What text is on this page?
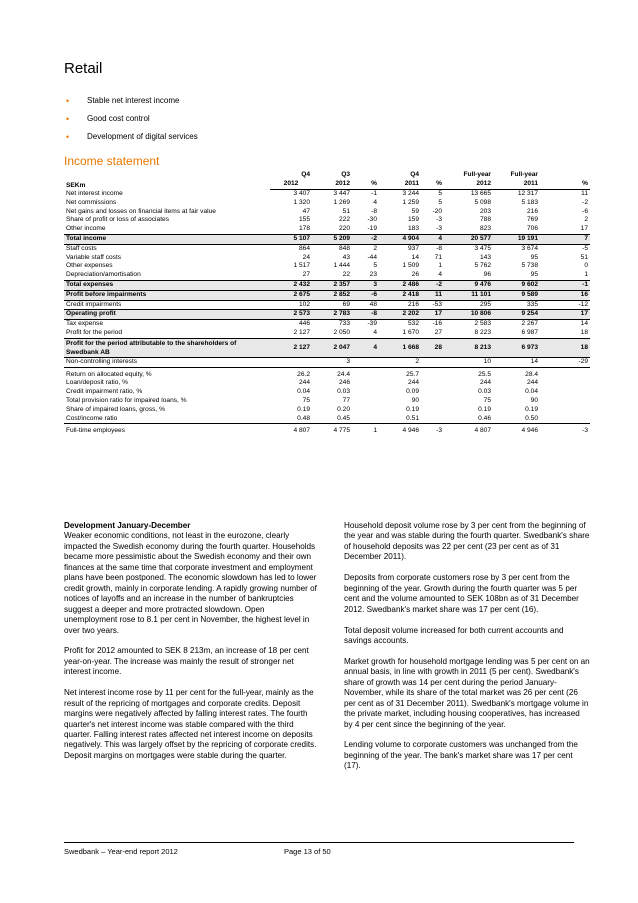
Retail
• Stable net interest income
• Good cost control
• Development of digital services
Income statement
SEKm	Q4	Q3		Q4		Full-year	Full-year	
	2012	2012	%	2011	%	2012	2011	%
Net interest income	3 407	3 447	-1	3 244	5	13 665	12 317	11
Net commissions	1 320	1 269	4	1 259	5	5 098	5 183	-2
Net gains and losses on financial items at fair value	47	51	-8	59	-20	203	216	-6
Share of profit or loss of associates	155	222	-30	159	-3	788	769	2
Other income	178	220	-19	183	-3	823	706	17
Total income	5 107	5 209	-2	4 904	4	20 577	19 191	7
Staff costs	864	848	2	937	-8	3 475	3 674	-5
Variable staff costs	24	43	-44	14	71	143	95	51
Other expenses	1 517	1 444	5	1 509	1	5 762	5 738	0
Depreciation/amortisation	27	22	23	26	4	96	95	1
Total expenses	2 432	2 357	3	2 486	-2	9 476	9 602	-1
Profit before impairments	2 675	2 852	-6	2 418	11	11 101	9 589	16
Credit impairments	102	69	48	216	-53	295	335	-12
Operating profit	2 573	2 783	-8	2 202	17	10 806	9 254	17
Tax expense	446	733	-39	532	-16	2 583	2 267	14
Profit for the period	2 127	2 050	4	1 670	27	8 223	6 987	18
Profit for the period attributable to the shareholders of Swedbank AB	2 127	2 047	4	1 668	28	8 213	6 973	18
Non-controlling interests		3		2		10	14	-29
Return on allocated equity, %	26.2	24.4		25.7		25.5	28.4	
Loan/deposit ratio, %	244	246		244		244	244	
Credit impairment ratio, %	0.04	0.03		0.09		0.03	0.04	
Total provision ratio for impaired loans, %	75	77		90		75	90	
Share of impaired loans, gross, %	0.19	0.20		0.19		0.19	0.19	
Cost/income ratio	0.48	0.45		0.51		0.46	0.50	
Full-time employees	4 807	4 775	1	4 946	-3	4 807	4 946	-3
Development January-December

Weaker economic conditions, not least in the eurozone, clearly impacted the Swedish economy during the fourth quarter. Households became more pessimistic about the Swedish economy and their own finances at the same time that corporate investment and employment plans have been postponed. The economic slowdown has led to lower credit growth, mainly in corporate lending. A rapidly growing number of notices of layoffs and an increase in the number of bankruptcies suggest a deeper and more protracted slowdown. Open unemployment rose to 8.1 per cent in November, the highest level in over two years.

Profit for 2012 amounted to SEK 8 213m, an increase of 18 per cent year-on-year. The increase was mainly the result of stronger net interest income.

Net interest income rose by 11 per cent for the full-year, mainly as the result of the repricing of mortgages and corporate credits. Deposit margins were negatively affected by falling interest rates. The fourth quarter's net interest income was stable compared with the third quarter. Falling interest rates affected net interest income on deposits negatively. This was largely offset by the repricing of corporate credits. Deposit margins on mortgages were stable during the quarter.

Household deposit volume rose by 3 per cent from the beginning of the year and was stable during the fourth quarter. Swedbank's share of household deposits was 22 per cent (23 per cent as of 31 December 2011).

Deposits from corporate customers rose by 3 per cent from the beginning of the year. Growth during the fourth quarter was 5 per cent and the volume amounted to SEK 108bn as of 31 December 2012. Swedbank's market share was 17 per cent (16).

Total deposit volume increased for both current accounts and savings accounts.

Market growth for household mortgage lending was 5 per cent on an annual basis, in line with growth in 2011 (5 per cent). Swedbank's share of growth was 14 per cent during the period January-November, while its share of the total market was 26 per cent (26 per cent as of 31 December 2011). Swedbank's mortgage volume in the private market, including housing cooperatives, has increased by 4 per cent since the beginning of the year.

Lending volume to corporate customers was unchanged from the beginning of the year. The bank's market share was 17 per cent (17).

Swedbank – Year-end report 2012	Page 13 of 50
